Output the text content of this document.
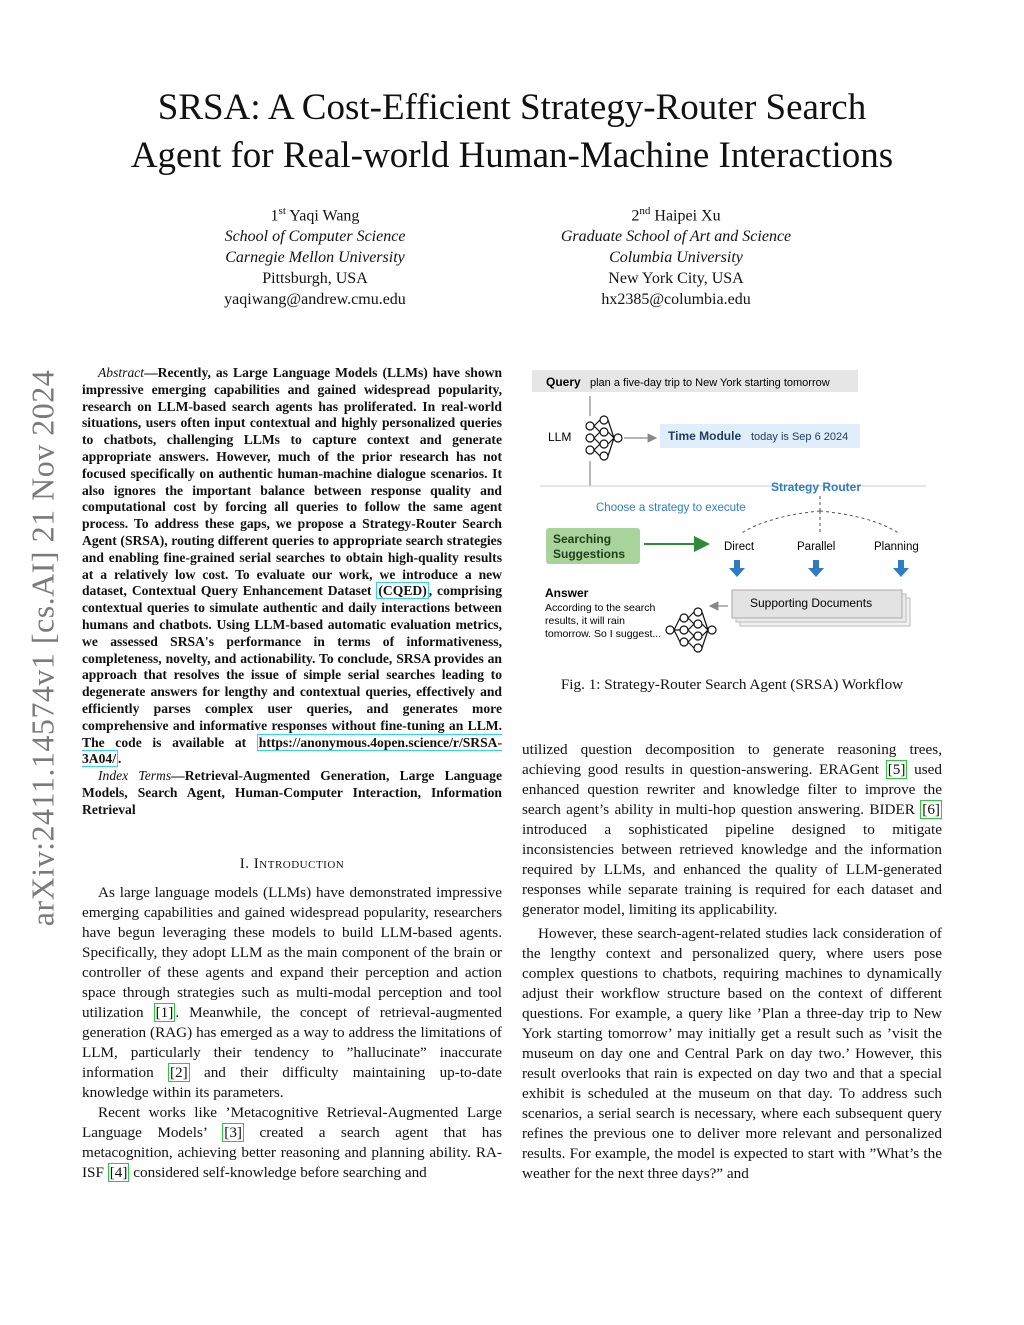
SRSA: A Cost-Efficient Strategy-Router Search
Agent for Real-world Human-Machine Interactions
1st Yaqi Wang
School of Computer Science
Carnegie Mellon University
Pittsburgh, USA
yaqiwang@andrew.cmu.edu
2nd Haipei Xu
Graduate School of Art and Science
Columbia University
New York City, USA
hx2385@columbia.edu
arXiv:2411.14574v1 [cs.AI] 21 Nov 2024	Abstract—Recently, as Large Language Models (LLMs) have shown impressive emerging capabilities and gained widespread popularity, research on LLM-based search agents has proliferated. In real-world situations, users often input contextual and highly personalized queries to chatbots, challenging LLMs to capture context and generate appropriate answers. However, much of the prior research has not focused specifically on authentic human-machine dialogue scenarios. It also ignores the important balance between response quality and computational cost by forcing all queries to follow the same agent process. To address these gaps, we propose a Strategy-Router Search Agent (SRSA), routing different queries to appropriate search strategies and enabling fine-grained serial searches to obtain high-quality results at a relatively low cost. To evaluate our work, we introduce a new dataset, Contextual Query Enhancement Dataset (CQED) , comprising contextual queries to simulate authentic and daily interactions between humans and chatbots. Using LLM-based automatic evaluation metrics, we assessed SRSA's performance in terms of informativeness, completeness, novelty, and actionability. To conclude, SRSA provides an approach that resolves the issue of simple serial searches leading to degenerate answers for lengthy and contextual queries, effectively and efficiently parses complex user queries, and generates more comprehensive and informative responses without fine-tuning an LLM. The code is available at https://anonymous.4open.science/r/SRSA-3A04/ .

Index Terms—Retrieval-Augmented Generation, Large Language Models, Search Agent, Human-Computer Interaction, Information Retrieval

I. Introduction

As large language models (LLMs) have demonstrated impressive emerging capabilities and gained widespread popularity, researchers have begun leveraging these models to build LLM-based agents. Specifically, they adopt LLM as the main component of the brain or controller of these agents and expand their perception and action space through strategies such as multi-modal perception and tool utilization [1] . Meanwhile, the concept of retrieval-augmented generation (RAG) has emerged as a way to address the limitations of LLM, particularly their tendency to ”hallucinate” inaccurate information [2] and their difficulty maintaining up-to-date knowledge within its parameters.

Recent works like ’Metacognitive Retrieval-Augmented Large Language Models’ [3] created a search agent that has metacognition, achieving better reasoning and planning ability. RA-ISF [4] considered self-knowledge before searching and

utilized question decomposition to generate reasoning trees, achieving good results in question-answering. ERAGent [5] used enhanced question rewriter and knowledge filter to improve the search agent’s ability in multi-hop question answering. BIDER [6] introduced a sophisticated pipeline designed to mitigate inconsistencies between retrieved knowledge and the information required by LLMs, and enhanced the quality of LLM-generated responses while separate training is required for each dataset and generator model, limiting its applicability.

However, these search-agent-related studies lack consideration of the lengthy context and personalized query, where users pose complex questions to chatbots, requiring machines to dynamically adjust their workflow structure based on the context of different questions. For example, a query like ’Plan a three-day trip to New York starting tomorrow’ may initially get a result such as ’visit the museum on day one and Central Park on day two.’ However, this result overlooks that rain is expected on day two and that a special exhibit is scheduled at the museum on that day. To address such scenarios, a serial search is necessary, where each subsequent query refines the previous one to deliver more relevant and personalized results. For example, the model is expected to start with ”What’s the weather for the next three days?” and

Query plan a five-day trip to New York starting tomorrow
LLM	Time Module today is Sep 6 2024
Strategy Router
Choose a strategy to execute
Searching
Suggestions	Direct	Parallel	Planning
Supporting Documents
Answer
According to the search
results, it will rain
tomorrow. So I suggest...
Fig. 1: Strategy-Router Search Agent (SRSA) Workflow
